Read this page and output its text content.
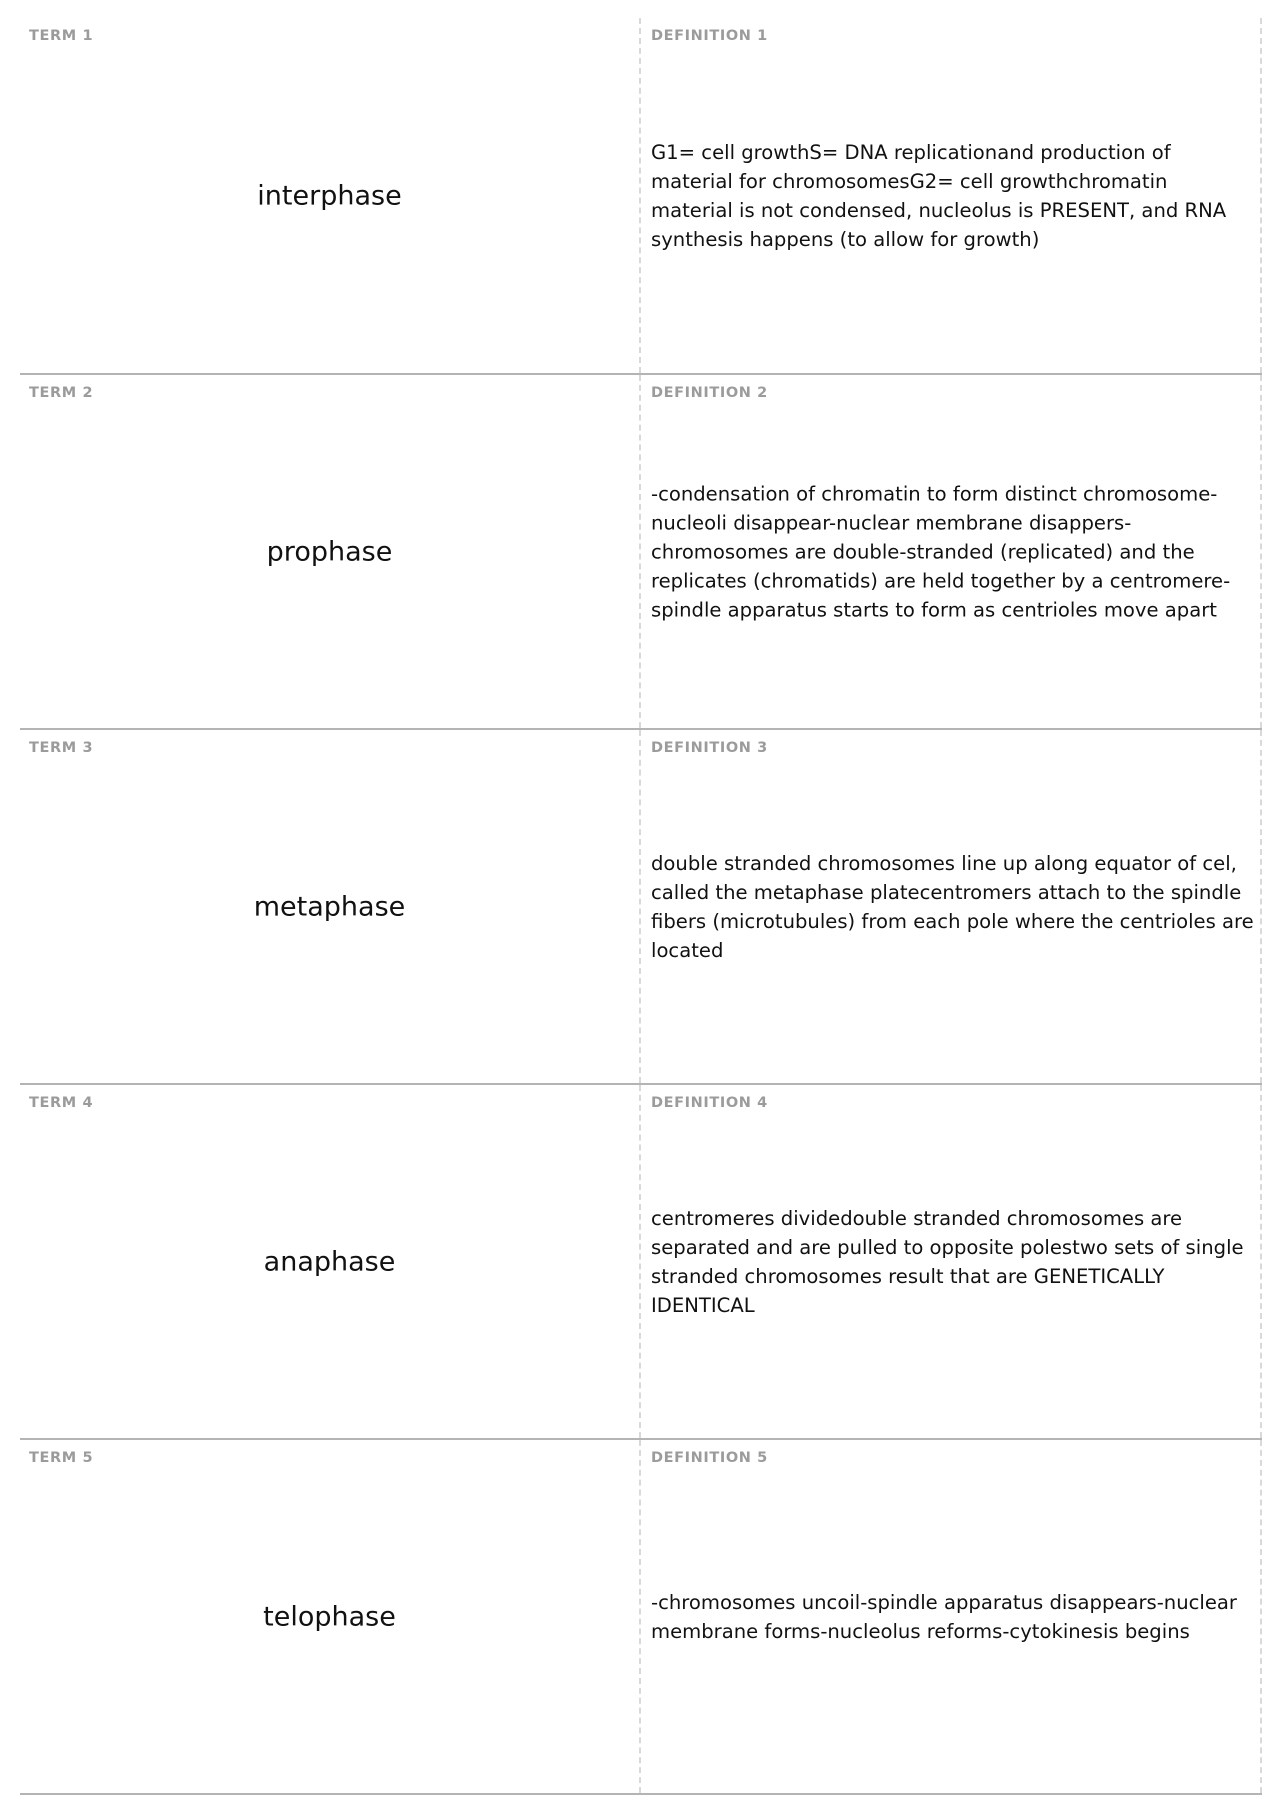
TERM 1
interphase
DEFINITION 1
G1= cell growthS= DNA replicationand production of material for chromosomesG2= cell growthchromatin material is not condensed, nucleolus is PRESENT, and RNA synthesis happens (to allow for growth)
TERM 2
prophase
DEFINITION 2
-condensation of chromatin to form distinct chromosome-nucleoli disappear-nuclear membrane disappers-chromosomes are double-stranded (replicated) and the replicates (chromatids) are held together by a centromere-spindle apparatus starts to form as centrioles move apart
TERM 3
metaphase
DEFINITION 3
double stranded chromosomes line up along equator of cel, called the metaphase platecentromers attach to the spindle fibers (microtubules) from each pole where the centrioles are located
TERM 4
anaphase
DEFINITION 4
centromeres dividedouble stranded chromosomes are separated and are pulled to opposite polestwo sets of single stranded chromosomes result that are GENETICALLY IDENTICAL
TERM 5
telophase
DEFINITION 5
-chromosomes uncoil-spindle apparatus disappears-nuclear membrane forms-nucleolus reforms-cytokinesis begins
